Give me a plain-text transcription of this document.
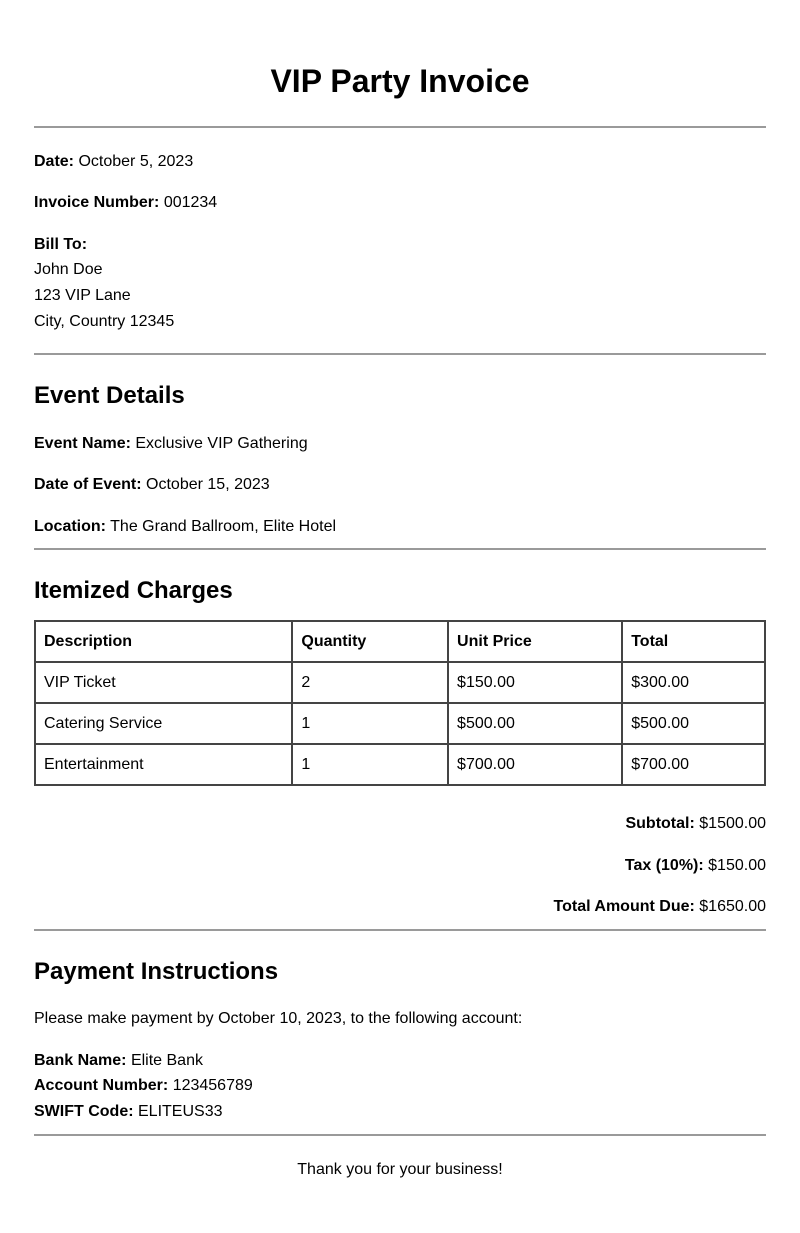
VIP Party Invoice
Date: October 5, 2023
Invoice Number: 001234
Bill To:
John Doe
123 VIP Lane
City, Country 12345
Event Details
Event Name: Exclusive VIP Gathering
Date of Event: October 15, 2023
Location: The Grand Ballroom, Elite Hotel
Itemized Charges
Description	Quantity	Unit Price	Total
VIP Ticket	2	$150.00	$300.00
Catering Service	1	$500.00	$500.00
Entertainment	1	$700.00	$700.00
Subtotal: $1500.00
Tax (10%): $150.00
Total Amount Due: $1650.00
Payment Instructions
Please make payment by October 10, 2023, to the following account:
Bank Name: Elite Bank
Account Number: 123456789
SWIFT Code: ELITEUS33
Thank you for your business!
